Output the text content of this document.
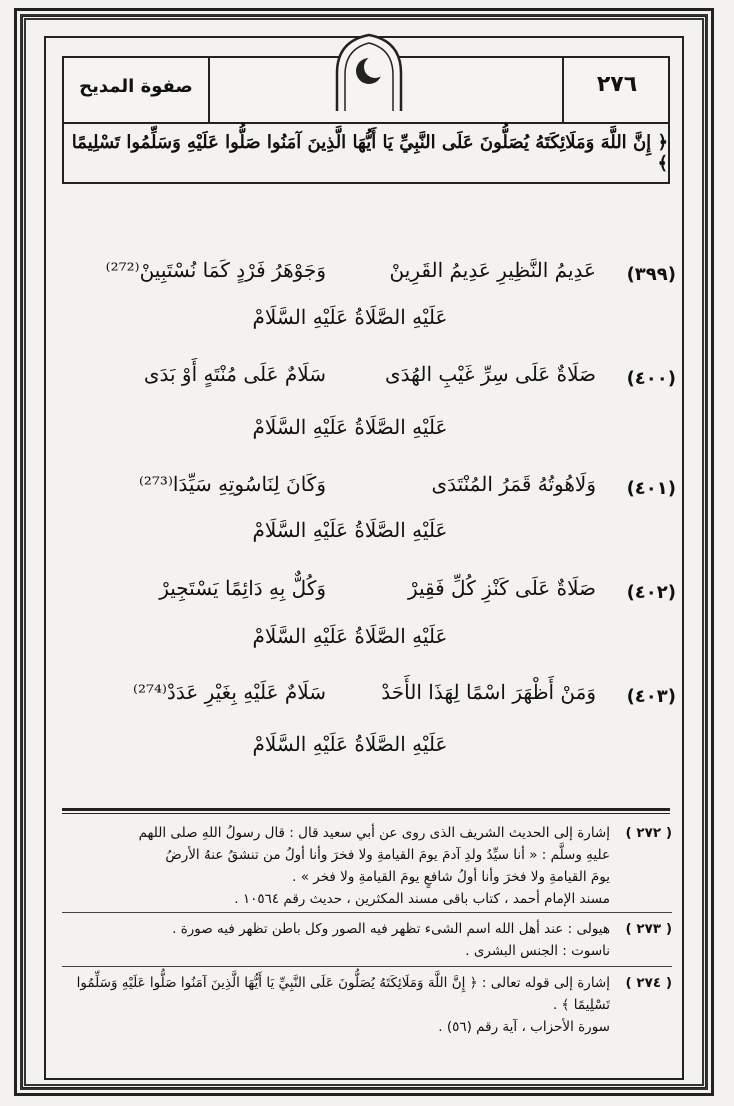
٢٧٦
صفوة المديح
﴿ إِنَّ اللَّهَ وَمَلَائِكَتَهُ يُصَلُّونَ عَلَى النَّبِيِّ يَا أَيُّهَا الَّذِينَ آمَنُوا صَلُّوا عَلَيْهِ وَسَلِّمُوا تَسْلِيمًا ﴾
(٣٩٩)
عَدِيمُ النَّظِيرِ عَدِيمُ القَرِينْ
وَجَوْهَرُ فَرْدٍ كَمَا نُسْتَبِينْ⁽²⁷²⁾
عَلَيْهِ الصَّلَاةُ عَلَيْهِ السَّلَامْ
(٤٠٠)
صَلَاةٌ عَلَى سِرِّ غَيْبِ الهُدَى
سَلَامٌ عَلَى مُنْتَهٍ أَوْ بَدَى
عَلَيْهِ الصَّلَاةُ عَلَيْهِ السَّلَامْ
(٤٠١)
وَلَاهُوتُهُ قَمَرُ المُنْتَدَى
وَكَانَ لِنَاسُوتِهِ سَيِّدَا⁽²⁷³⁾
عَلَيْهِ الصَّلَاةُ عَلَيْهِ السَّلَامْ
(٤٠٢)
صَلَاةٌ عَلَى كَنْزِ كُلِّ فَقِيرْ
وَكُلٌّ بِهِ دَائِمًا يَسْتَجِيرْ
عَلَيْهِ الصَّلَاةُ عَلَيْهِ السَّلَامْ
(٤٠٣)
وَمَنْ أَظْهَرَ اسْمًا لِهَذَا الأَحَدْ
سَلَامٌ عَلَيْهِ بِغَيْرِ عَدَدْ⁽²⁷⁴⁾
عَلَيْهِ الصَّلَاةُ عَلَيْهِ السَّلَامْ
( ٢٧٢ )
إشارة إلى الحديث الشريف الذى روى عن أبي سعيد قال : قال رسولُ اللهِ صلى اللهم
عليهِ وسلَّم : « أنا سيِّدُ ولدِ آدمَ يومَ القيامةِ ولا فخرَ وأنا أولُ من تنشقُ عنهُ الأرضُ
يومَ القيامةِ ولا فخرَ وأنا أولُ شافعٍ يومَ القيامةِ ولا فخر » .
مسند الإمام أحمد ، كتاب باقى مسند المكثرين ، حديث رقم ١٠٥٦٤ .
( ٢٧٣ )
هيولى : عند أهل الله اسم الشىء تظهر فيه الصور وكل باطن تظهر فيه صورة .
ناسوت : الجنس البشرى .
( ٢٧٤ )
إشارة إلى قوله تعالى : ﴿ إِنَّ اللَّهَ وَمَلَائِكَتَهُ يُصَلُّونَ عَلَى النَّبِيِّ يَا أَيُّهَا الَّذِينَ آمَنُوا صَلُّوا عَلَيْهِ وَسَلِّمُوا تَسْلِيمًا ﴾ .
سورة الأحزاب ، آية رقم (٥٦) .
